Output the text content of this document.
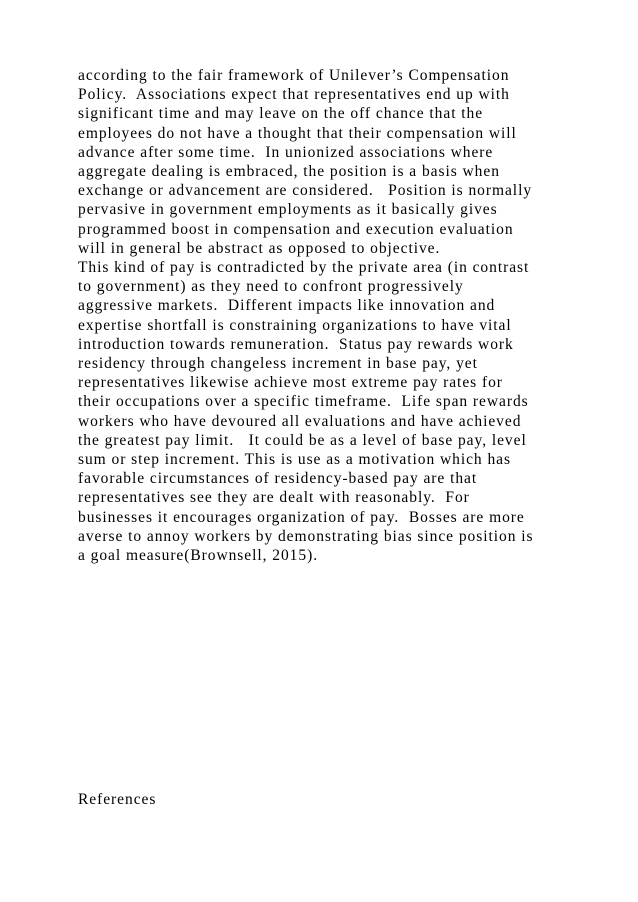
according to the fair framework of Unilever’s Compensation
Policy.  Associations expect that representatives end up with
significant time and may leave on the off chance that the
employees do not have a thought that their compensation will
advance after some time.  In unionized associations where
aggregate dealing is embraced, the position is a basis when
exchange or advancement are considered.   Position is normally
pervasive in government employments as it basically gives
programmed boost in compensation and execution evaluation
will in general be abstract as opposed to objective.
This kind of pay is contradicted by the private area (in contrast
to government) as they need to confront progressively
aggressive markets.  Different impacts like innovation and
expertise shortfall is constraining organizations to have vital
introduction towards remuneration.  Status pay rewards work
residency through changeless increment in base pay, yet
representatives likewise achieve most extreme pay rates for
their occupations over a specific timeframe.  Life span rewards
workers who have devoured all evaluations and have achieved
the greatest pay limit.   It could be as a level of base pay, level
sum or step increment. This is use as a motivation which has
favorable circumstances of residency-based pay are that
representatives see they are dealt with reasonably.  For
businesses it encourages organization of pay.  Bosses are more
averse to annoy workers by demonstrating bias since position is
a goal measure(Brownsell, 2015).
References
